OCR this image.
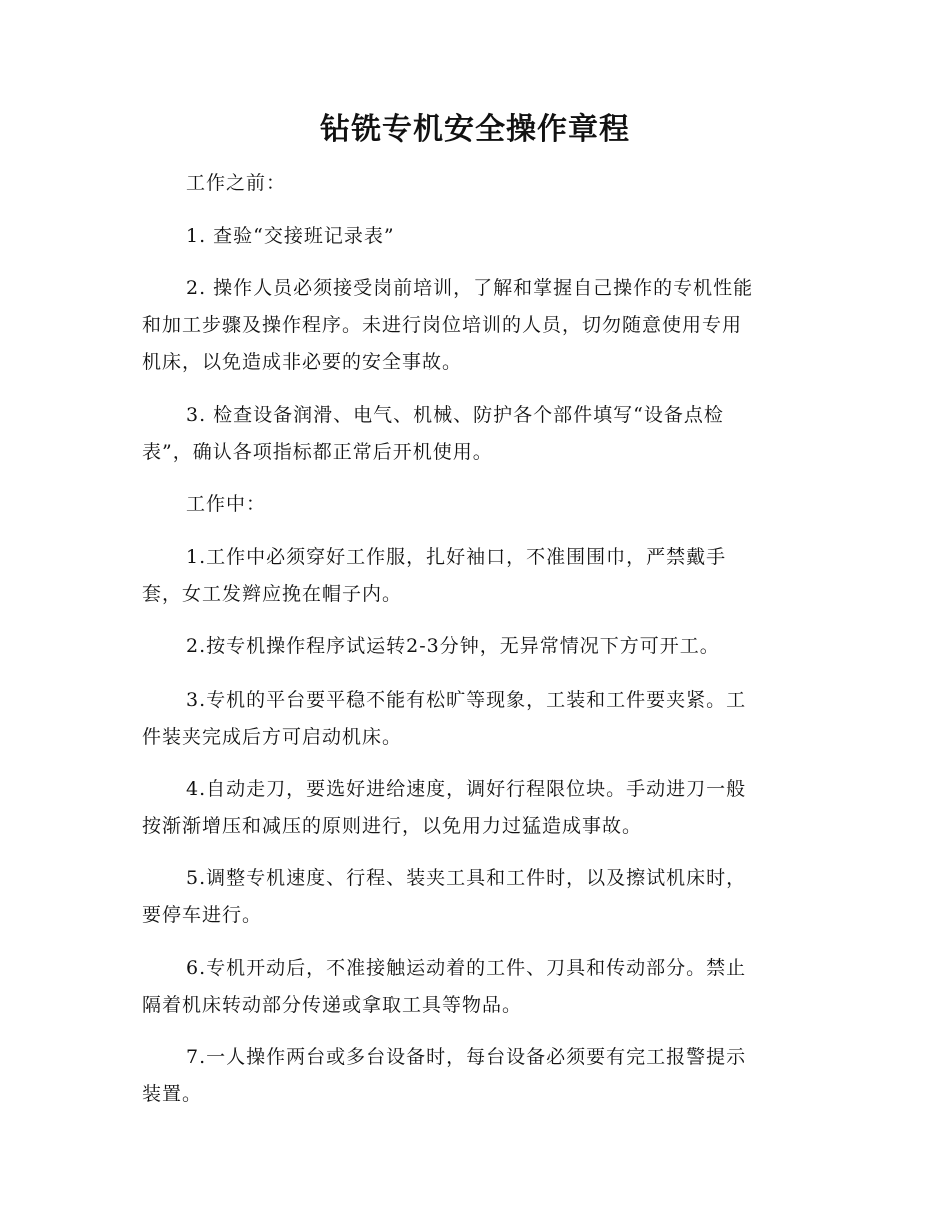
钻铣专机安全操作章程
工作之前：
1. 查验“交接班记录表”
2. 操作人员必须接受岗前培训，了解和掌握自己操作的专机性能
和加工步骤及操作程序。未进行岗位培训的人员，切勿随意使用专用
机床，以免造成非必要的安全事故。
3. 检查设备润滑、电气、机械、防护各个部件填写“设备点检
表”，确认各项指标都正常后开机使用。
工作中：
1.工作中必须穿好工作服，扎好袖口，不准围围巾，严禁戴手
套，女工发辫应挽在帽子内。
2.按专机操作程序试运转2-3分钟，无异常情况下方可开工。
3.专机的平台要平稳不能有松旷等现象，工装和工件要夹紧。工
件装夹完成后方可启动机床。
4.自动走刀，要选好进给速度，调好行程限位块。手动进刀一般
按渐渐增压和减压的原则进行，以免用力过猛造成事故。
5.调整专机速度、行程、装夹工具和工件时，以及擦试机床时，
要停车进行。
6.专机开动后，不准接触运动着的工件、刀具和传动部分。禁止
隔着机床转动部分传递或拿取工具等物品。
7.一人操作两台或多台设备时，每台设备必须要有完工报警提示
装置。
